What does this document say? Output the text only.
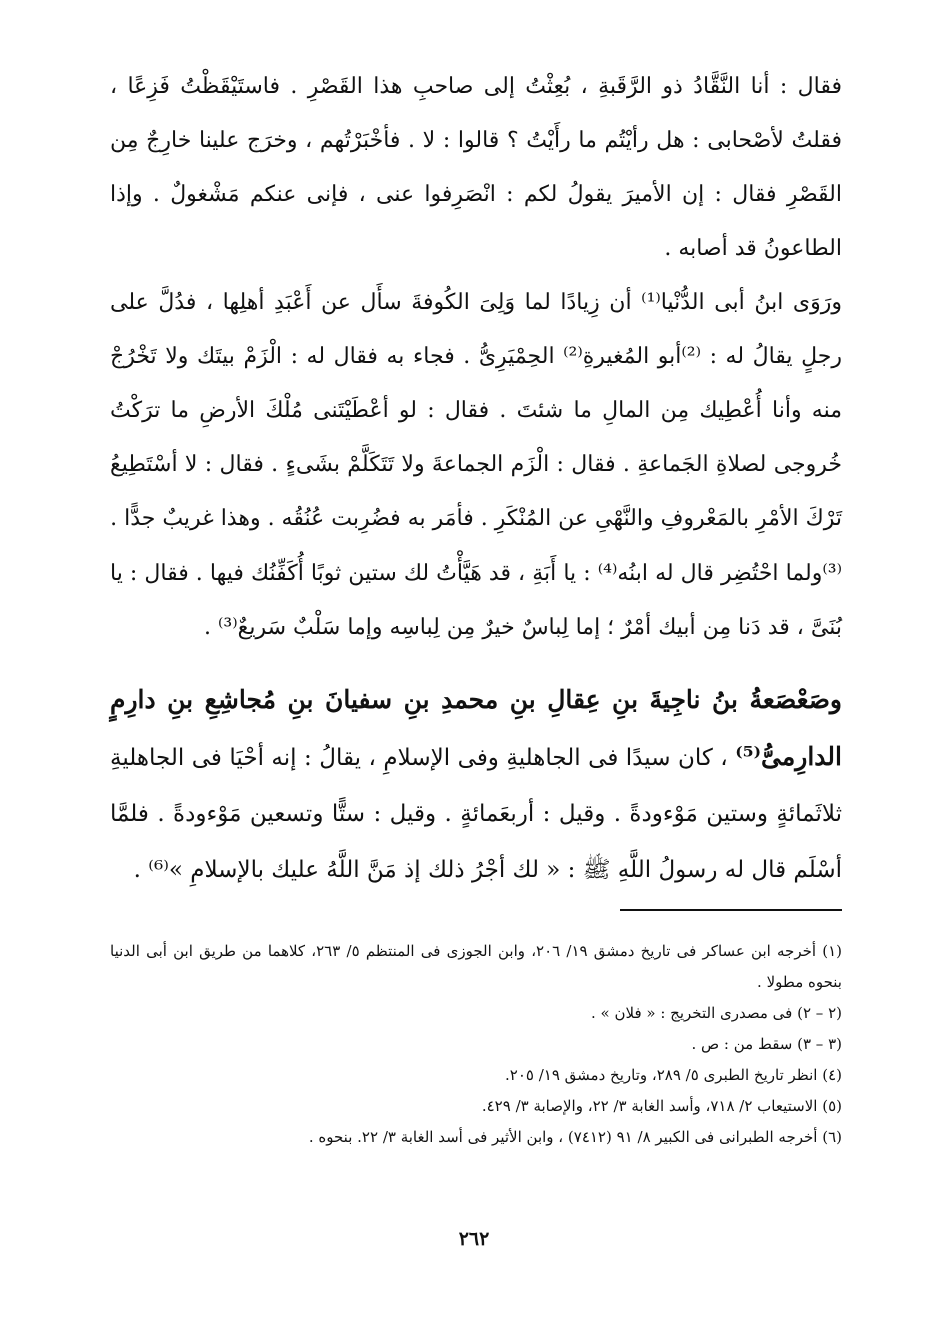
فقال : أنا النَّقَّادُ ذو الرَّقَبةِ ، بُعِثْتُ إلى صاحبِ هذا القَصْرِ . فاستَيْقَظْتُ فَزِعًا ، فقلتُ لأصْحابى : هل رأيْتُم ما رأَيْتُ ؟ قالوا : لا . فأخْبَرْتُهم ، وخرَج علينا خارِجٌ مِن القَصْرِ فقال : إن الأميرَ يقولُ لكم : انْصَرِفوا عنى ، فإنى عنكم مَشْغولٌ . وإذا الطاعونُ قد أصابه .

ورَوَى ابنُ أبى الدُّنْيا⁽¹⁾ أن زِيادًا لما وَلِىَ الكُوفةَ سأَل عن أَعْبَدِ أهلِها ، فدُلَّ على رجلٍ يقالُ له : ⁽²⁾أبو المُغيرةِ⁽²⁾ الحِمْيَرِىُّ . فجاء به فقال له : الْزَمْ بيتَك ولا تَخْرُجْ منه وأنا أُعْطِيك مِن المالِ ما شئتَ . فقال : لو أعْطَيْتَنى مُلْكَ الأرضِ ما ترَكْتُ خُروجى لصلاةِ الجَماعةِ . فقال : الْزَم الجماعةَ ولا تَتَكَلَّمْ بشَىءٍ . فقال : لا أسْتَطِيعُ تَرْكَ الأمْرِ بالمَعْروفِ والنَّهْىِ عن المُنْكَرِ . فأمَر به فضُرِبت عُنُقُه . وهذا غريبٌ جدًّا .

⁽³⁾ولما احْتُضِر قال له ابنُه⁽⁴⁾ : يا أَبَةِ ، قد هَيَّأْتُ لك ستين ثوبًا أُكَفِّنُك فيها . فقال : يا بُنَىَّ ، قد دَنا مِن أبيك أمْرٌ ؛ إما لِباسٌ خيرٌ مِن لِباسِه وإما سَلْبٌ سَريعٌ⁽³⁾ .

وصَعْصَعةُ بنُ ناجِيةَ بنِ عِقالِ بنِ محمدِ بنِ سفيانَ بنِ مُجاشِعِ بنِ دارِمٍ الدارِمىُّ⁽⁵⁾ ، كان سيدًا فى الجاهليةِ وفى الإسلامِ ، يقالُ : إنه أحْيَا فى الجاهليةِ ثلاثَمائةٍ وستين مَوْءودةً . وقيل : أربعَمائةٍ . وقيل : ستًّا وتسعين مَوْءودةً . فلمَّا أسْلَم قال له رسولُ اللَّهِ ﷺ : « لك أجْرُ ذلك إذ مَنَّ اللَّهُ عليك بالإسلامِ »⁽⁶⁾ .

(١) أخرجه ابن عساكر فى تاريخ دمشق ١٩/ ٢٠٦، وابن الجوزى فى المنتظم ٥/ ٢٦٣، كلاهما من طريق ابن أبى الدنيا بنحوه مطولا .

(٢ – ٢) فى مصدرى التخريج : « فلان » .

(٣ – ٣) سقط من : ص .

(٤) انظر تاريخ الطبرى ٥/ ٢٨٩، وتاريخ دمشق ١٩/ ٢٠٥.

(٥) الاستيعاب ٢/ ٧١٨، وأسد الغابة ٣/ ٢٢، والإصابة ٣/ ٤٢٩.

(٦) أخرجه الطبرانى فى الكبير ٨/ ٩١ (٧٤١٢) ، وابن الأثير فى أسد الغابة ٣/ ٢٢. بنحوه .

٢٦٢
